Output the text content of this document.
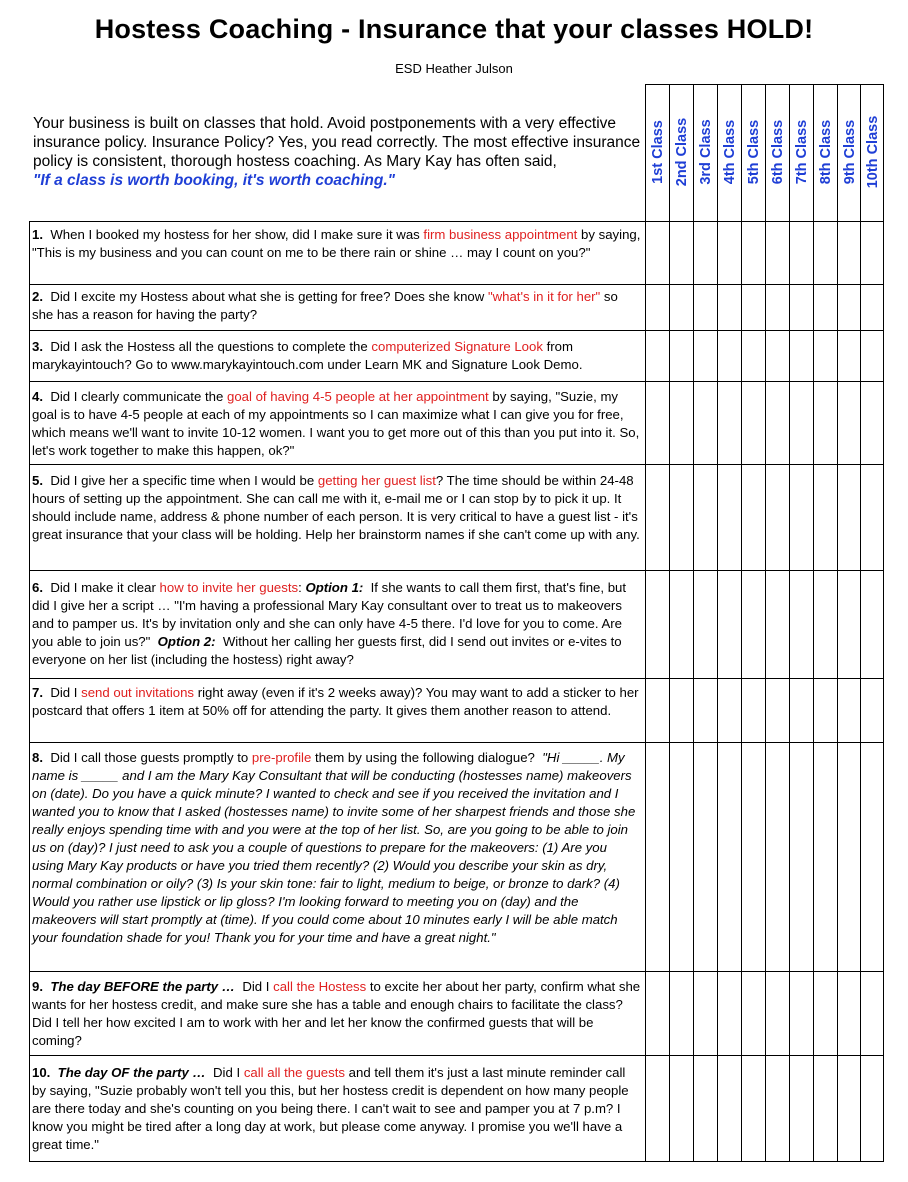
Hostess Coaching - Insurance that your classes HOLD!
ESD Heather Julson
Your business is built on classes that hold. Avoid postponements with a very effective insurance policy. Insurance Policy? Yes, you read correctly. The most effective insurance policy is consistent, thorough hostess coaching. As Mary Kay has often said,
"If a class is worth booking, it's worth coaching."	1st Class 2nd Class 3rd Class 4th Class 5th Class 6th Class 7th Class 8th Class 9th Class 10th Class

1. When I booked my hostess for her show, did I make sure it was firm business appointment by saying, "This is my business and you can count on me to be there rain or shine … may I count on you?"

2. Did I excite my Hostess about what she is getting for free? Does she know "what's in it for her" so she has a reason for having the party?

3. Did I ask the Hostess all the questions to complete the computerized Signature Look from marykayintouch? Go to www.marykayintouch.com under Learn MK and Signature Look Demo.

4. Did I clearly communicate the goal of having 4-5 people at her appointment by saying, "Suzie, my goal is to have 4-5 people at each of my appointments so I can maximize what I can give you for free, which means we'll want to invite 10-12 women. I want you to get more out of this than you put into it. So, let's work together to make this happen, ok?"

5. Did I give her a specific time when I would be getting her guest list? The time should be within 24-48 hours of setting up the appointment. She can call me with it, e-mail me or I can stop by to pick it up. It should include name, address & phone number of each person. It is very critical to have a guest list - it's great insurance that your class will be holding. Help her brainstorm names if she can't come up with any.

6. Did I make it clear how to invite her guests: Option 1: If she wants to call them first, that's fine, but did I give her a script … "I'm having a professional Mary Kay consultant over to treat us to makeovers and to pamper us. It's by invitation only and she can only have 4-5 there. I'd love for you to come. Are you able to join us?" Option 2: Without her calling her guests first, did I send out invites or e-vites to everyone on her list (including the hostess) right away?

7. Did I send out invitations right away (even if it's 2 weeks away)? You may want to add a sticker to her postcard that offers 1 item at 50% off for attending the party. It gives them another reason to attend.

8. Did I call those guests promptly to pre-profile them by using the following dialogue? "Hi _____. My name is _____ and I am the Mary Kay Consultant that will be conducting (hostesses name) makeovers on (date). Do you have a quick minute? I wanted to check and see if you received the invitation and I wanted you to know that I asked (hostesses name) to invite some of her sharpest friends and those she really enjoys spending time with and you were at the top of her list. So, are you going to be able to join us on (day)? I just need to ask you a couple of questions to prepare for the makeovers: (1) Are you using Mary Kay products or have you tried them recently? (2) Would you describe your skin as dry, normal combination or oily? (3) Is your skin tone: fair to light, medium to beige, or bronze to dark? (4) Would you rather use lipstick or lip gloss? I'm looking forward to meeting you on (day) and the makeovers will start promptly at (time). If you could come about 10 minutes early I will be able match your foundation shade for you! Thank you for your time and have a great night."

9. The day BEFORE the party … Did I call the Hostess to excite her about her party, confirm what she wants for her hostess credit, and make sure she has a table and enough chairs to facilitate the class? Did I tell her how excited I am to work with her and let her know the confirmed guests that will be coming?

10. The day OF the party … Did I call all the guests and tell them it's just a last minute reminder call by saying, "Suzie probably won't tell you this, but her hostess credit is dependent on how many people are there today and she's counting on you being there. I can't wait to see and pamper you at 7 p.m? I know you might be tired after a long day at work, but please come anyway. I promise you we'll have a great time."
